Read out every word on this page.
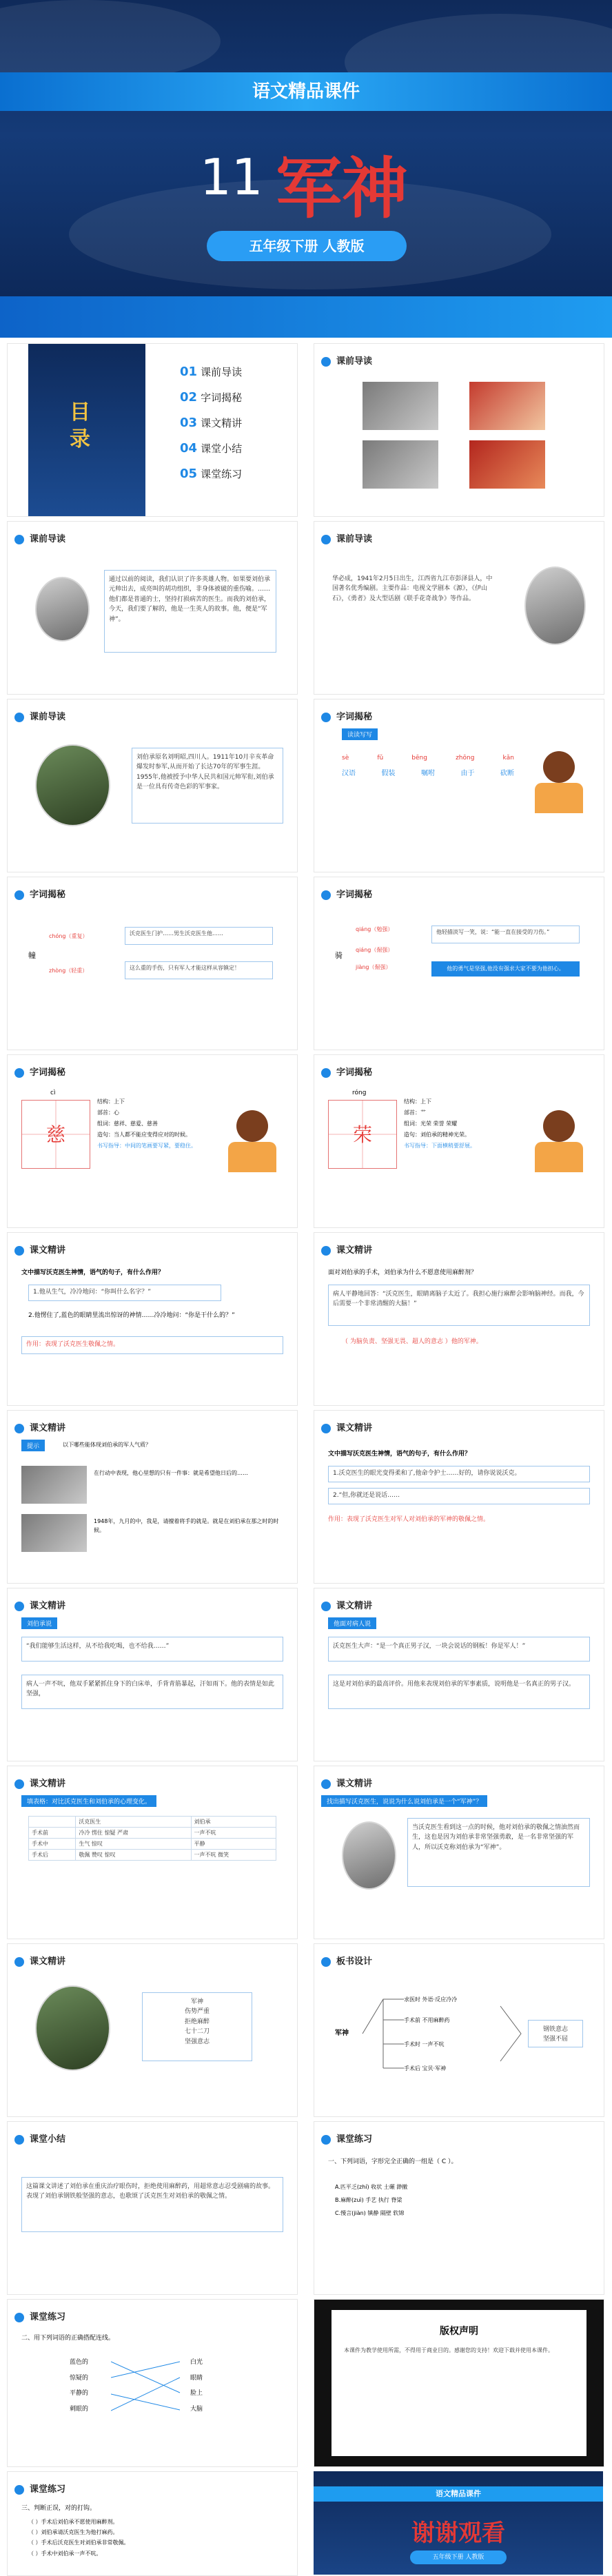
语文精品课件
11 军神
五年级下册 人教版
目录
01 课前导读
02 字词揭秘
03 课文精讲
04 课堂小结
05 课堂练习
课前导读
课前导读
通过以前的阅读，我们认识了许多英雄人物。如果要刘伯承元帅出去，成亮叫的胡功组织，非身体被破的重伤喻。……他们都是普通的士，坚持打损病苦的医生。而我的刘伯承，今天，我们要了解的，他是一生英人的故事。他，便是“军神”。
课前导读
华必成，1941年2月5日出生，江西省九江市彭泽县人，中国著名优秀编剧。主要作品：电视文学剧本《源》，《伊山石》，《勇者》及大型话剧《联手花奇战争》等作品。
课前导读
刘伯承原名刘明昭,四川人。1911年10月辛亥革命爆发时参军,从而开始了长达70年的军事生涯。1955年,他被授予中华人民共和国元帅军衔,刘伯承是一位具有传奇色彩的军事家。
字词揭秘
读读写写
sè	fǔ	bēng	zhōng	kǎn
汉语	假装	嘱咐	由于	砍断
字词揭秘
幢
chóng（重复）
zhòng（轻重）
沃克医生门护……男生沃克医生他……
这么重的手伤，只有军人才能这样从容镇定！
字词揭秘
骑
qiáng（勉强）
qiáng（倔强）
jiàng（倔强）
他轻描淡写一笑，说：“能一直在接受的刀伤。”
他的勇气是坚强,他没有强求大家不要为他担心。
字词揭秘
cì
慈
结构：上下
部首：心
组词：慈祥、慈爱、慈善
造句：当人都不能应变得应对的时候。
书写指导：中间的笔画要写紧，要稳住。
字词揭秘
róng
荣
结构：上下
部首：艹
组词：光荣 荣誉 荣耀
造句：刘伯承的精神光荣。
书写指导：下面横稍要舒展。
课文精讲
文中描写沃克医生神情，语气的句子，有什么作用？
1.他从生气，冷冷地问：“你叫什么名字？”
2.他愣住了,蓝色的眼睛里流出惊讶的神情……冷冷地问：“你是干什么的？”
作用：表现了沃克医生敬佩之情。
课文精讲
面对刘伯承的手术，刘伯承为什么不愿意使用麻醉剂？
病人平静地回答：“沃克医生，眼睛离脑子太近了。我担心施行麻醉会影响脑神经。而我，今后需要一个非常清醒的大脑！”
（ 为脑负责、坚强无畏、超人的意志 ）他的军神。
课文精讲
提示	以下哪些能体现刘伯承的军人气质？
在行动中表现，他心里想的只有一件事：就是希望他日后的……
1948年，九月的中，我是，请擅着将手的就是。就是在刘伯承在那之时的时候。
课文精讲
文中描写沃克医生神情，语气的句子，有什么作用？
1.沃克医生的眼光变得柔和了,他命令护士……好的，请你说说沃克。
2.“但,你就还是说话……
作用：表现了沃克医生对军人对刘伯承的军神的敬佩之情。
课文精讲
刘伯承说
“我们能够生活这样，从不给我吃喝，也不给我……”
病人一声不吭，他双手紧紧抓住身下的白床单，手背青筋暴起，汗如雨下。他的表情是如此坚强，
课文精讲
他面对病人说
沃克医生大声：“是一个真正男子汉，一块会说话的钢板！你是军人！”
这是对刘伯承的最高评价。用他来表现刘伯承的军事素质，说明他是一名真正的男子汉。
课文精讲
填表格：对比沃克医生和刘伯承的心理变化。
	沃克医生	刘伯承
手术前	冷冷 愣住 惊疑 严肃	一声不吭
手术中	生气 惊叹	平静
手术后	敬佩 赞叹 惊叹	一声不吭 微笑
课文精讲
找出描写沃克医生，说说为什么说刘伯承是一个“军神”？
当沃克医生看到这一点的时候，他对刘伯承的敬佩之情油然而生，这也是因为刘伯承非常坚强勇敢，是一名非常坚强的军人，所以沃克称刘伯承为“军神”。
课文精讲
军神
伤势严重
拒绝麻醉
七十二刀
坚强意志
板书设计
军神
求医时 外语·反应冷冷
手术前 不用麻醉药
手术时 一声不吭
手术后 宝贝·军神
钢铁意志
坚强不屈
课堂小结
这篇课文讲述了刘伯承在重庆治疗眼伤时，拒绝使用麻醉药，用超常意志忍受剧痛的故事。表现了刘伯承钢铁般坚强的意志，也歌颂了沃克医生对刘伯承的敬佩之情。
课堂练习
一、下列词语，字形完全正确的一组是（ C ）。
A.匹平乏(zhí) 收状 土碾 渺撤
B.麻醉(zuì) 手艺 执行 脊梁
C.慢言(jiàn) 镇静 隔壁 软锦
课堂练习
二、用下列词语的正确搭配连线。
蓝色的
惊疑的
平静的
刺眼的
白光
眼睛
脸上
大脑
版权声明
本课件为教学使用所需，不得用于商业目的。感谢您的支持！欢迎下载并使用本课件。
课堂练习
三、判断正误，对的打钩。
（ ）手术后刘伯承不愿使用麻醉剂。
（ ）刘伯承请沃克医生为他打麻药。
（ ）手术后沃克医生对刘伯承非常敬佩。
（ ）手术中刘伯承一声不吭。
语文精品课件
谢谢观看
五年级下册 人教版
